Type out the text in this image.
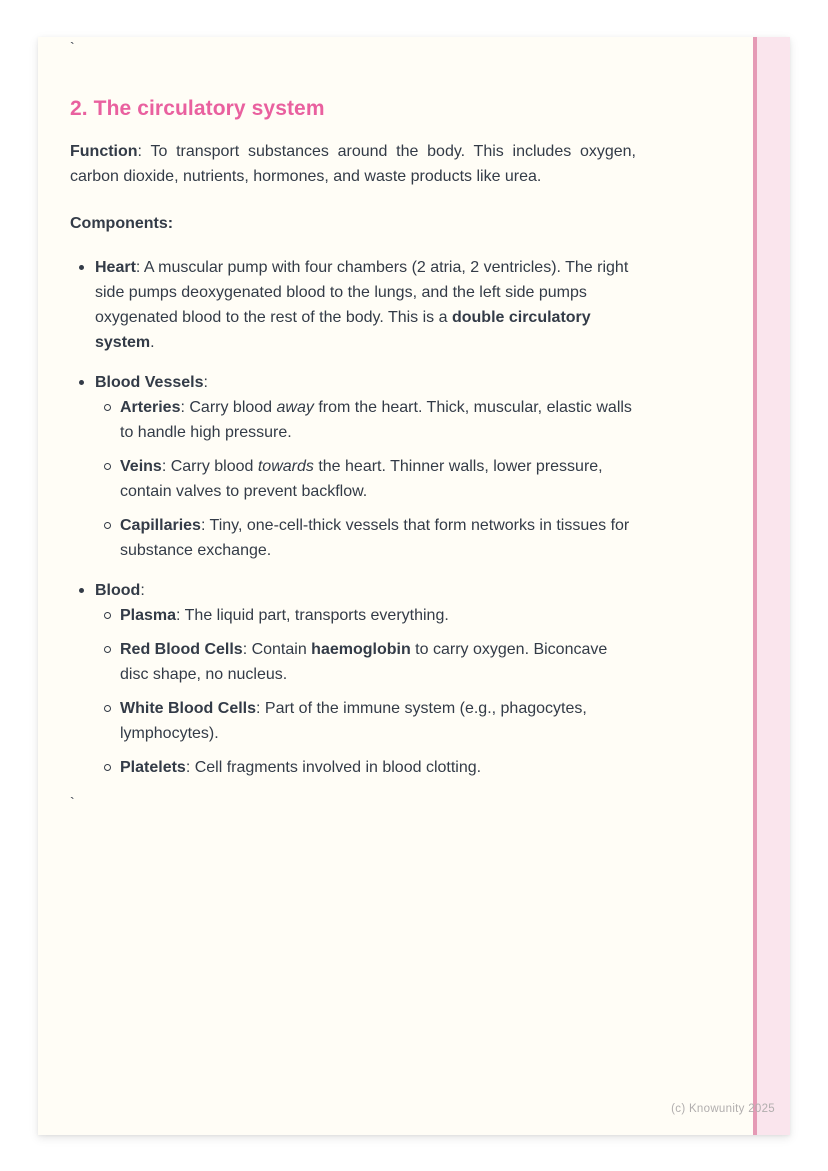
`
2. The circulatory system

Function: To transport substances around the body. This includes oxygen, carbon dioxide, nutrients, hormones, and waste products like urea.

Components:

Heart: A muscular pump with four chambers (2 atria, 2 ventricles). The right side pumps deoxygenated blood to the lungs, and the left side pumps oxygenated blood to the rest of the body. This is a double circulatory system.
Blood Vessels:
Arteries: Carry blood away from the heart. Thick, muscular, elastic walls to handle high pressure.
Veins: Carry blood towards the heart. Thinner walls, lower pressure, contain valves to prevent backflow.
Capillaries: Tiny, one-cell-thick vessels that form networks in tissues for substance exchange.
Blood:
Plasma: The liquid part, transports everything.
Red Blood Cells: Contain haemoglobin to carry oxygen. Biconcave disc shape, no nucleus.
White Blood Cells: Part of the immune system (e.g., phagocytes, lymphocytes).
Platelets: Cell fragments involved in blood clotting.
`
(c) Knowunity 2025
